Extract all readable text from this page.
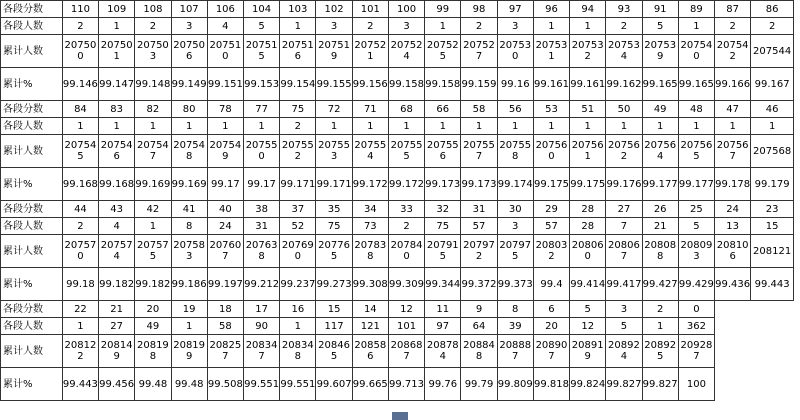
各段分数	110	109	108	107	106	104	103	102	101	100	99	98	97	96	94	93	91	89	87	86
各段人数	2	1	2	3	4	5	1	3	2	3	1	2	3	1	1	2	5	1	2	2
累计人数	207500	207501	207503	207506	207510	207515	207516	207519	207521	207524	207525	207527	207530	207531	207532	207534	207539	207540	207542	207544
累计%	99.146	99.147	99.148	99.149	99.151	99.153	99.154	99.155	99.156	99.158	99.158	99.159	99.16	99.161	99.161	99.162	99.165	99.165	99.166	99.167
各段分数	84	83	82	80	78	77	75	72	71	68	66	58	56	53	51	50	49	48	47	46
各段人数	1	1	1	1	1	1	2	1	1	1	1	1	1	1	1	1	1	1	1	1
累计人数	207545	207546	207547	207548	207549	207550	207552	207553	207554	207555	207556	207557	207558	207560	207561	207562	207564	207565	207567	207568
累计%	99.168	99.168	99.169	99.169	99.17	99.17	99.171	99.171	99.172	99.172	99.173	99.173	99.174	99.175	99.175	99.176	99.177	99.177	99.178	99.179
各段分数	44	43	42	41	40	38	37	35	34	33	32	31	30	29	28	27	26	25	24	23
各段人数	2	4	1	8	24	31	52	75	73	2	75	57	3	57	28	7	21	5	13	15
累计人数	207570	207574	207575	207583	207607	207638	207690	207765	207838	207840	207915	207972	207975	208032	208060	208067	208088	208093	208106	208121
累计%	99.18	99.182	99.182	99.186	99.197	99.212	99.237	99.273	99.308	99.309	99.344	99.372	99.373	99.4	99.414	99.417	99.427	99.429	99.436	99.443
各段分数	22	21	20	19	18	17	16	15	14	12	11	9	8	6	5	3	2	0		
各段人数	1	27	49	1	58	90	1	117	121	101	97	64	39	20	12	5	1	362		
累计人数	208122	208149	208198	208199	208257	208347	208348	208465	208586	208687	208784	208848	208887	208907	208919	208924	208925	209287		
累计%	99.443	99.456	99.48	99.48	99.508	99.551	99.551	99.607	99.665	99.713	99.76	99.79	99.809	99.818	99.824	99.827	99.827	100		
